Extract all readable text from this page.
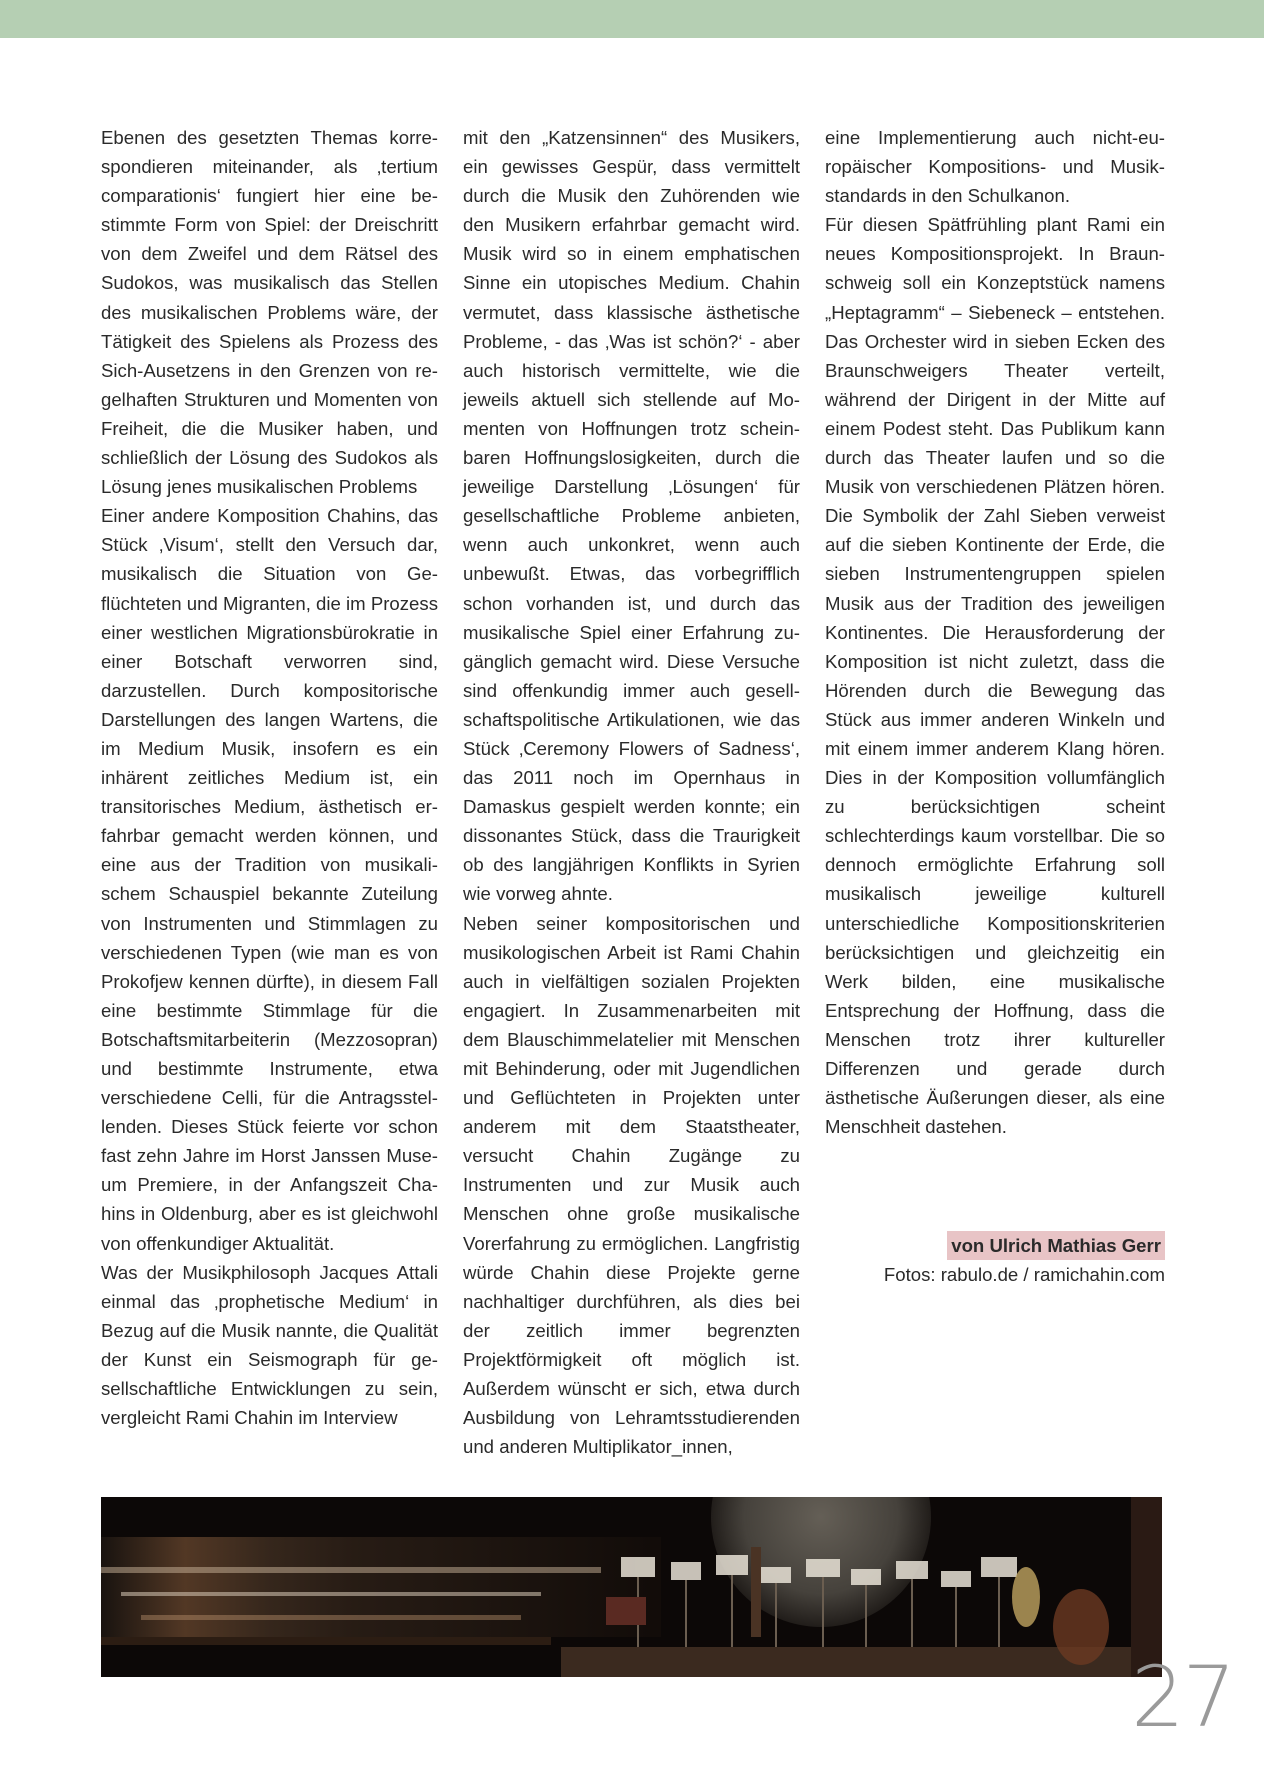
Ebenen des gesetzten Themas korrespondieren miteinander, als ‚tertium comparationis‘ fungiert hier eine bestimmte Form von Spiel: der Dreischritt von dem Zweifel und dem Rätsel des Sudokos, was musikalisch das Stellen des musikalischen Problems wäre, der Tätigkeit des Spielens als Prozess des Sich-Ausetzens in den Grenzen von regelhaften Strukturen und Momenten von Freiheit, die die Musiker haben, und schließlich der Lösung des Sudokos als Lösung jenes musikalischen Problems

Einer andere Komposition Chahins, das Stück ‚Visum‘, stellt den Versuch dar, musikalisch die Situation von Geflüchteten und Migranten, die im Prozess einer westlichen Migrationsbürokratie in einer Botschaft verworren sind, darzustellen. Durch kompositorische Darstellungen des langen Wartens, die im Medium Musik, insofern es ein inhärent zeitliches Medium ist, ein transitorisches Medium, ästhetisch erfahrbar gemacht werden können, und eine aus der Tradition von musikalischem Schauspiel bekannte Zuteilung von Instrumenten und Stimmlagen zu verschiedenen Typen (wie man es von Prokofjew kennen dürfte), in diesem Fall eine bestimmte Stimmlage für die Botschaftsmitarbeiterin (Mezzosopran) und bestimmte Instrumente, etwa verschiedene Celli, für die Antragsstellenden. Dieses Stück feierte vor schon fast zehn Jahre im Horst Janssen Museum Premiere, in der Anfangszeit Chahins in Oldenburg, aber es ist gleichwohl von offenkundiger Aktualität.

Was der Musikphilosoph Jacques Attali einmal das ‚prophetische Medium‘ in Bezug auf die Musik nannte, die Qualität der Kunst ein Seismograph für gesellschaftliche Entwicklungen zu sein, vergleicht Rami Chahin im Interview

mit den „Katzensinnen“ des Musikers, ein gewisses Gespür, dass vermittelt durch die Musik den Zuhörenden wie den Musikern erfahrbar gemacht wird. Musik wird so in einem emphatischen Sinne ein utopisches Medium. Chahin vermutet, dass klassische ästhetische Probleme, - das ‚Was ist schön?‘ - aber auch historisch vermittelte, wie die jeweils aktuell sich stellende auf Momenten von Hoffnungen trotz scheinbaren Hoffnungslosigkeiten, durch die jeweilige Darstellung ‚Lösungen‘ für gesellschaftliche Probleme anbieten, wenn auch unkonkret, wenn auch unbewußt. Etwas, das vorbegrifflich schon vorhanden ist, und durch das musikalische Spiel einer Erfahrung zugänglich gemacht wird. Diese Versuche sind offenkundig immer auch gesellschaftspolitische Artikulationen, wie das Stück ‚Ceremony Flowers of Sadness‘, das 2011 noch im Opernhaus in Damaskus gespielt werden konnte; ein dissonantes Stück, dass die Traurigkeit ob des langjährigen Konflikts in Syrien wie vorweg ahnte.

Neben seiner kompositorischen und musikologischen Arbeit ist Rami Chahin auch in vielfältigen sozialen Projekten engagiert. In Zusammenarbeiten mit dem Blauschimmelatelier mit Menschen mit Behinderung, oder mit Jugendlichen und Geflüchteten in Projekten unter anderem mit dem Staatstheater, versucht Chahin Zugänge zu Instrumenten und zur Musik auch Menschen ohne große musikalische Vorerfahrung zu ermöglichen. Langfristig würde Chahin diese Projekte gerne nachhaltiger durchführen, als dies bei der zeitlich immer begrenzten Projektförmigkeit oft möglich ist. Außerdem wünscht er sich, etwa durch Ausbildung von Lehramtsstudierenden und anderen Multiplikator_innen,

eine Implementierung auch nicht-europäischer Kompositions- und Musikstandards in den Schulkanon.

Für diesen Spätfrühling plant Rami ein neues Kompositionsprojekt. In Braunschweig soll ein Konzeptstück namens „Heptagramm“ – Siebeneck – entstehen. Das Orchester wird in sieben Ecken des Braunschweigers Theater verteilt, während der Dirigent in der Mitte auf einem Podest steht. Das Publikum kann durch das Theater laufen und so die Musik von verschiedenen Plätzen hören. Die Symbolik der Zahl Sieben verweist auf die sieben Kontinente der Erde, die sieben Instrumentengruppen spielen Musik aus der Tradition des jeweiligen Kontinentes. Die Herausforderung der Komposition ist nicht zuletzt, dass die Hörenden durch die Bewegung das Stück aus immer anderen Winkeln und mit einem immer anderem Klang hören. Dies in der Komposition vollumfänglich zu berücksichtigen scheint schlechterdings kaum vorstellbar. Die so dennoch ermöglichte Erfahrung soll musikalisch jeweilige kulturell unterschiedliche Kompositionskriterien berücksichtigen und gleichzeitig ein Werk bilden, eine musikalische Entsprechung der Hoffnung, dass die Menschen trotz ihrer kultureller Differenzen und gerade durch ästhetische Äußerungen dieser, als eine Menschheit dastehen.

von Ulrich Mathias Gerr
Fotos: rabulo.de / ramichahin.com
27
